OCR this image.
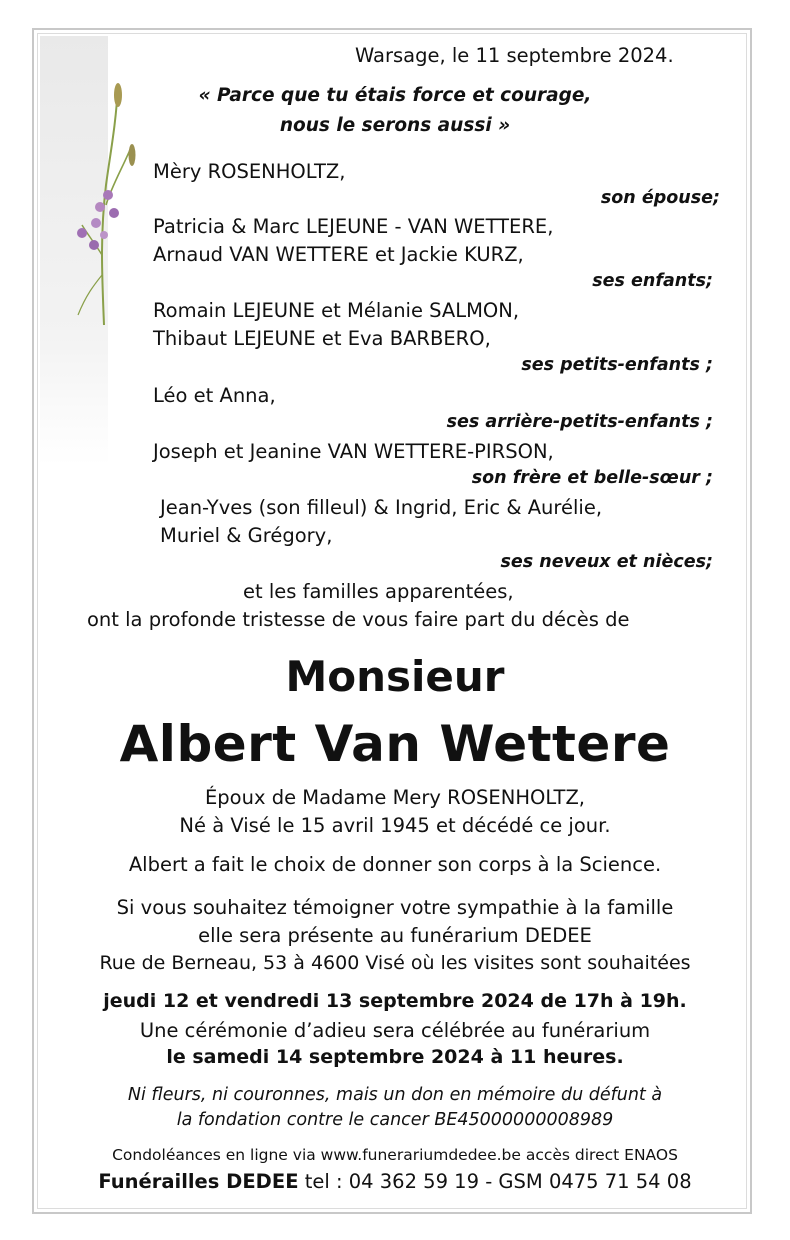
Warsage, le 11 septembre 2024.
« Parce que tu étais force et courage,
nous le serons aussi »
Mèry ROSENHOLTZ,
son épouse;
Patricia & Marc LEJEUNE - VAN WETTERE,
Arnaud VAN WETTERE et Jackie KURZ,
ses enfants;
Romain LEJEUNE et Mélanie SALMON,
Thibaut LEJEUNE et Eva BARBERO,
ses petits-enfants ;
Léo et Anna,
ses arrière-petits-enfants ;
Joseph et Jeanine VAN WETTERE-PIRSON,
son frère et belle-sœur ;
Jean-Yves (son filleul) & Ingrid, Eric & Aurélie,
Muriel & Grégory,
ses neveux et nièces;
et les familles apparentées,
ont la profonde tristesse de vous faire part du décès de
Monsieur
Albert Van Wettere
Époux de Madame Mery ROSENHOLTZ,
Né à Visé le 15 avril 1945 et décédé ce jour.
Albert a fait le choix de donner son corps à la Science.
Si vous souhaitez témoigner votre sympathie à la famille
elle sera présente au funérarium DEDEE
Rue de Berneau, 53 à 4600 Visé où les visites sont souhaitées
jeudi 12 et vendredi 13 septembre 2024 de 17h à 19h.
Une cérémonie d’adieu sera célébrée au funérarium
le samedi 14 septembre 2024 à 11 heures.
Ni fleurs, ni couronnes, mais un don en mémoire du défunt à
la fondation contre le cancer BE45000000008989
Condoléances en ligne via www.funerariumdedee.be accès direct ENAOS
Funérailles DEDEE tel : 04 362 59 19 - GSM 0475 71 54 08
